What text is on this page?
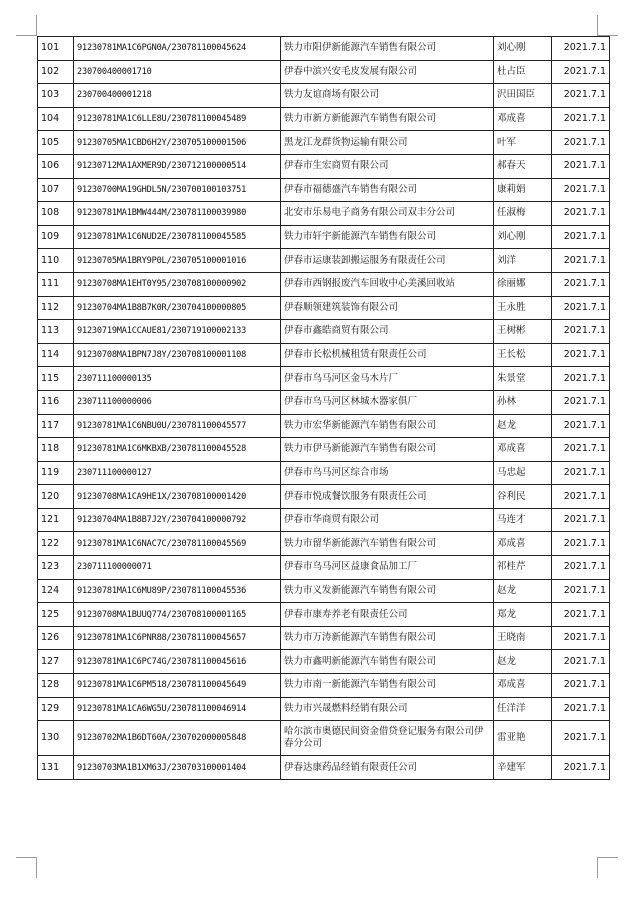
101	91230781MA1C6PGN0A/230781100045624	铁力市阳伊新能源汽车销售有限公司	刘心刚	2021.7.1
102	230700400001710	伊春中滨兴安毛皮发展有限公司	杜占臣	2021.7.1
103	230700400001218	铁力友谊商场有限公司	沢田国臣	2021.7.1
104	91230781MA1C6LLE8U/230781100045489	铁力市新方新能源汽车销售有限公司	邓成喜	2021.7.1
105	91230705MA1CBD6H2Y/230705100001506	黑龙江龙群货物运输有限公司	叶军	2021.7.1
106	91230712MA1AXMER9D/230712100000514	伊春市生宏商贸有限公司	郝春天	2021.7.1
107	91230700MA19GHDL5N/230700100103751	伊春市福德盛汽车销售有限公司	康莉娟	2021.7.1
108	91230781MA1BMW444M/230781100039980	北安市乐易电子商务有限公司双丰分公司	任淑梅	2021.7.1
109	91230781MA1C6NUD2E/230781100045585	铁力市轩宇新能源汽车销售有限公司	刘心刚	2021.7.1
110	91230705MA1BRY9P0L/230705100001016	伊春市运康装卸搬运服务有限责任公司	刘洋	2021.7.1
111	91230708MA1EHT0Y95/230708100000902	伊春市西钢报废汽车回收中心美溪回收站	徐丽娜	2021.7.1
112	91230704MA1B8B7K0R/230704100000805	伊春顺领建筑装饰有限公司	王永胜	2021.7.1
113	91230719MA1CCAUE81/230719100002133	伊春市鑫皓商贸有限公司	王树彬	2021.7.1
114	91230708MA1BPN7J8Y/230708100001108	伊春市长松机械租赁有限责任公司	王长松	2021.7.1
115	230711100000135	伊春市乌马河区金马木片厂	朱景堂	2021.7.1
116	230711100000006	伊春市乌马河区林城木器家俱厂	孙林	2021.7.1
117	91230781MA1C6NBU0U/230781100045577	铁力市宏华新能源汽车销售有限公司	赵龙	2021.7.1
118	91230781MA1C6MKBXB/230781100045528	铁力市伊马新能源汽车销售有限公司	邓成喜	2021.7.1
119	230711100000127	伊春市乌马河区综合市场	马忠起	2021.7.1
120	91230708MA1CA9HE1X/230708100001420	伊春市悦成餐饮服务有限责任公司	谷利民	2021.7.1
121	91230704MA1B8B7J2Y/230704100000792	伊春市华商贸有限公司	马连才	2021.7.1
122	91230781MA1C6NAC7C/230781100045569	铁力市留华新能源汽车销售有限公司	邓成喜	2021.7.1
123	230711100000071	伊春市乌马河区益康食品加工厂	祁桂芹	2021.7.1
124	91230781MA1C6MU89P/230781100045536	铁力市义发新能源汽车销售有限公司	赵龙	2021.7.1
125	91230708MA1BUUQ774/230708100001165	伊春市康寿养老有限责任公司	郑龙	2021.7.1
126	91230781MA1C6PNR88/230781100045657	铁力市万涛新能源汽车销售有限公司	王晓南	2021.7.1
127	91230781MA1C6PC74G/230781100045616	铁力市鑫明新能源汽车销售有限公司	赵龙	2021.7.1
128	91230781MA1C6PM518/230781100045649	铁力市南一新能源汽车销售有限公司	邓成喜	2021.7.1
129	91230781MA1CA6WG5U/230781100046914	铁力市兴晟燃料经销有限公司	任洋洋	2021.7.1
130	91230702MA1B6DT60A/230702000005848	哈尔滨市奥德民间资金借贷登记服务有限公司伊春分公司	雷亚艳	2021.7.1
131	91230703MA1B1XM63J/230703100001404	伊春达康药品经销有限责任公司	辛建军	2021.7.1
